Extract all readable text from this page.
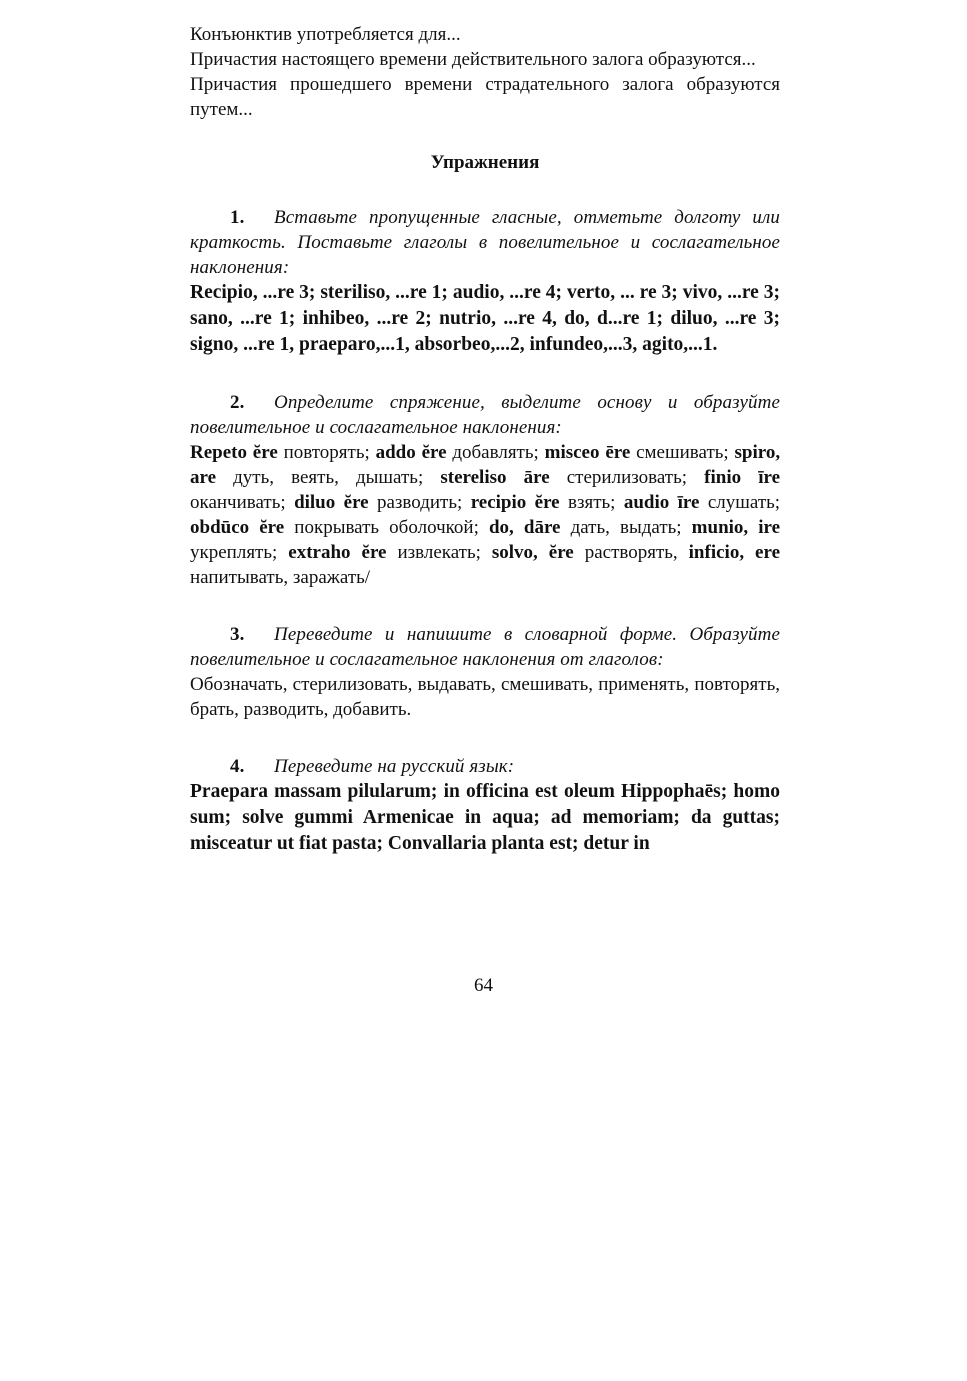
Конъюнктив употребляется для...

Причастия настоящего времени действительного залога образуются...

Причастия прошедшего времени страдательного залога образуются путем...

Упражнения

1. Вставьте пропущенные гласные, отметьте долготу или краткость. Поставьте глаголы в повелительное и сослагательное наклонения:

Recipio, ...re 3; steriliso, ...re 1; audio, ...re 4; verto, ... re 3; vivo, ...re 3; sano, ...re 1; inhibeo, ...re 2; nutrio, ...re 4, do, d...re 1; diluo, ...re 3; signo, ...re 1, praeparo,...1, absorbeo,...2, infundeo,...3, agito,...1.

2. Определите спряжение, выделите основу и образуйте повелительное и сослагательное наклонения:

Repeto ĕre повторять; addo ĕre добавлять; misceo ēre смешивать; spiro, are дуть, веять, дышать; stereliso āre стерилизовать; finio īre оканчивать; diluo ĕre разводить; recipio ĕre взять; audio īre слушать; obdūco ĕre покрывать оболочкой; do, dāre дать, выдать; munio, ire укреплять; extraho ĕre извлекать; solvo, ĕre растворять, inficio, ere напитывать, заражать/

3. Переведите и напишите в словарной форме. Образуйте повелительное и сослагательное наклонения от глаголов:

Обозначать, стерилизовать, выдавать, смешивать, применять, повторять, брать, разводить, добавить.

4. Переведите на русский язык:

Praepara massam pilularum; in officina est oleum Hippophaēs; homo sum; solve gummi Armenicae in aqua; ad memoriam; da guttas; misceatur ut fiat pasta; Convallaria planta est; detur in

64
